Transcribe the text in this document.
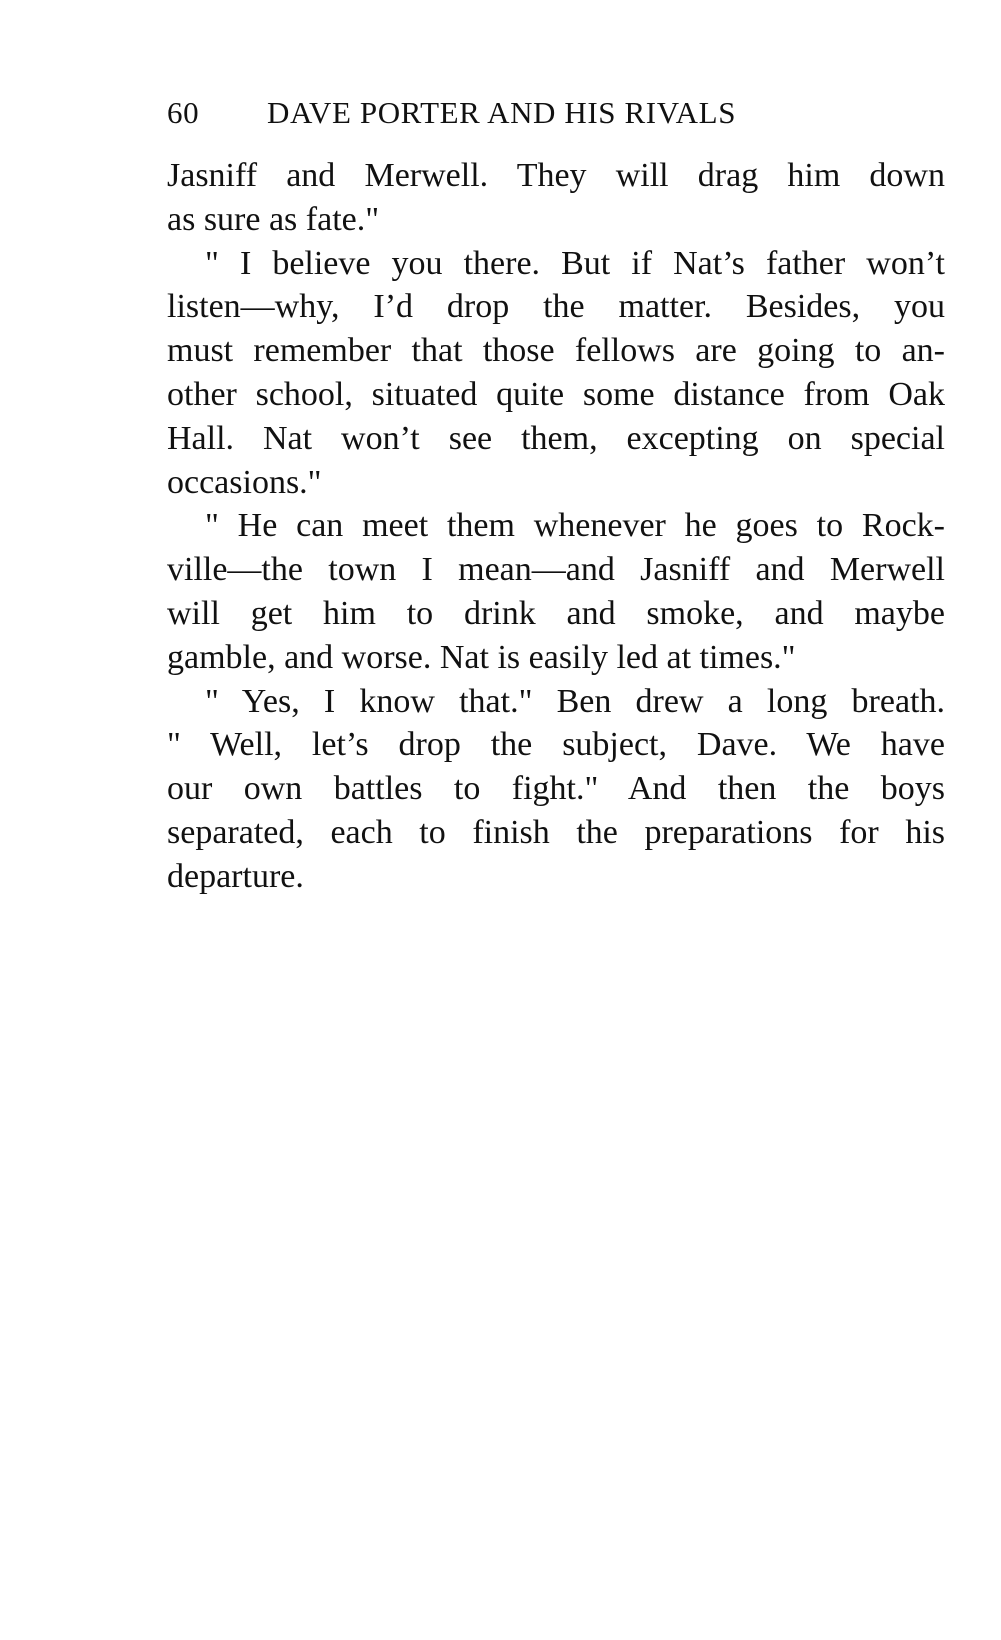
60 DAVE PORTER AND HIS RIVALS
Jasniff and Merwell. They will drag him down
as sure as fate."
" I believe you there. But if Nat’s father won’t
listen—why, I’d drop the matter. Besides, you
must remember that those fellows are going to an-
other school, situated quite some distance from Oak
Hall. Nat won’t see them, excepting on special
occasions."
" He can meet them whenever he goes to Rock-
ville—the town I mean—and Jasniff and Merwell
will get him to drink and smoke, and maybe
gamble, and worse. Nat is easily led at times."
" Yes, I know that." Ben drew a long breath.
" Well, let’s drop the subject, Dave. We have
our own battles to fight." And then the boys
separated, each to finish the preparations for his
departure.
